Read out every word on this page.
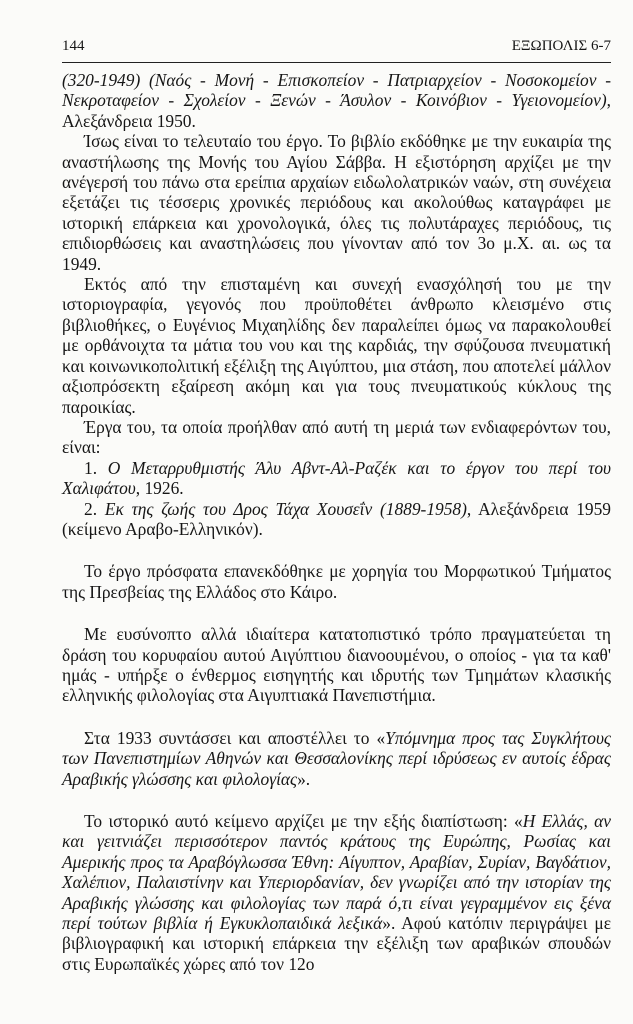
144	ΕΞΩΠΟΛΙΣ 6-7

(320-1949) (Ναός - Μονή - Επισκοπείον - Πατριαρχείον - Νοσοκομείον - Νεκροταφείον - Σχολείον - Ξενών - Άσυλον - Κοινόβιον - Υγειονομείον), Αλεξάνδρεια 1950.

Ίσως είναι το τελευταίο του έργο. Το βιβλίο εκδόθηκε με την ευκαιρία της αναστήλωσης της Μονής του Αγίου Σάββα. Η εξιστόρηση αρχίζει με την ανέγερσή του πάνω στα ερείπια αρχαίων ειδωλολατρικών ναών, στη συνέχεια εξετάζει τις τέσσερις χρονικές περιόδους και ακολούθως καταγράφει με ιστορική επάρκεια και χρονολογικά, όλες τις πολυτάραχες περιόδους, τις επιδιορθώσεις και αναστηλώσεις που γίνονταν από τον 3ο μ.Χ. αι. ως τα 1949.

Εκτός από την επισταμένη και συνεχή ενασχόλησή του με την ιστοριογραφία, γεγονός που προϋποθέτει άνθρωπο κλεισμένο στις βιβλιοθήκες, ο Ευγένιος Μιχαηλίδης δεν παραλείπει όμως να παρακολουθεί με ορθάνοιχτα τα μάτια του νου και της καρδιάς, την σφύζουσα πνευματική και κοινωνικοπολιτική εξέλιξη της Αιγύπτου, μια στάση, που αποτελεί μάλλον αξιοπρόσεκτη εξαίρεση ακόμη και για τους πνευματικούς κύκλους της παροικίας.

Έργα του, τα οποία προήλθαν από αυτή τη μεριά των ενδιαφερόντων του, είναι:

1. Ο Μεταρρυθμιστής Άλυ Αβντ-Αλ-Ραζέκ και το έργον του περί του Χαλιφάτου, 1926.

2. Εκ της ζωής του Δρος Τάχα Χουσεΐν (1889-1958), Αλεξάνδρεια 1959 (κείμενο Αραβο-Ελληνικόν).

Το έργο πρόσφατα επανεκδόθηκε με χορηγία του Μορφωτικού Τμήματος της Πρεσβείας της Ελλάδος στο Κάιρο.

Με ευσύνοπτο αλλά ιδιαίτερα κατατοπιστικό τρόπο πραγματεύεται τη δράση του κορυφαίου αυτού Αιγύπτιου διανοουμένου, ο οποίος - για τα καθ' ημάς - υπήρξε ο ένθερμος εισηγητής και ιδρυτής των Τμημάτων κλασικής ελληνικής φιλολογίας στα Αιγυπτιακά Πανεπιστήμια.

Στα 1933 συντάσσει και αποστέλλει το «Υπόμνημα προς τας Συγκλήτους των Πανεπιστημίων Αθηνών και Θεσσαλονίκης περί ιδρύσεως εν αυτοίς έδρας Αραβικής γλώσσης και φιλολογίας».

Το ιστορικό αυτό κείμενο αρχίζει με την εξής διαπίστωση: «Η Ελλάς, αν και γειτνιάζει περισσότερον παντός κράτους της Ευρώπης, Ρωσίας και Αμερικής προς τα Αραβόγλωσσα Έθνη: Αίγυπτον, Αραβίαν, Συρίαν, Βαγδάτιον, Χαλέπιον, Παλαιστίνην και Υπεριορδανίαν, δεν γνωρίζει από την ιστορίαν της Αραβικής γλώσσης και φιλολογίας των παρά ό,τι είναι γεγραμμένον εις ξένα περί τούτων βιβλία ή Εγκυκλοπαιδικά λεξικά». Αφού κατόπιν περιγράψει με βιβλιογραφική και ιστορική επάρκεια την εξέλιξη των αραβικών σπουδών στις Ευρωπαϊκές χώρες από τον 12ο
